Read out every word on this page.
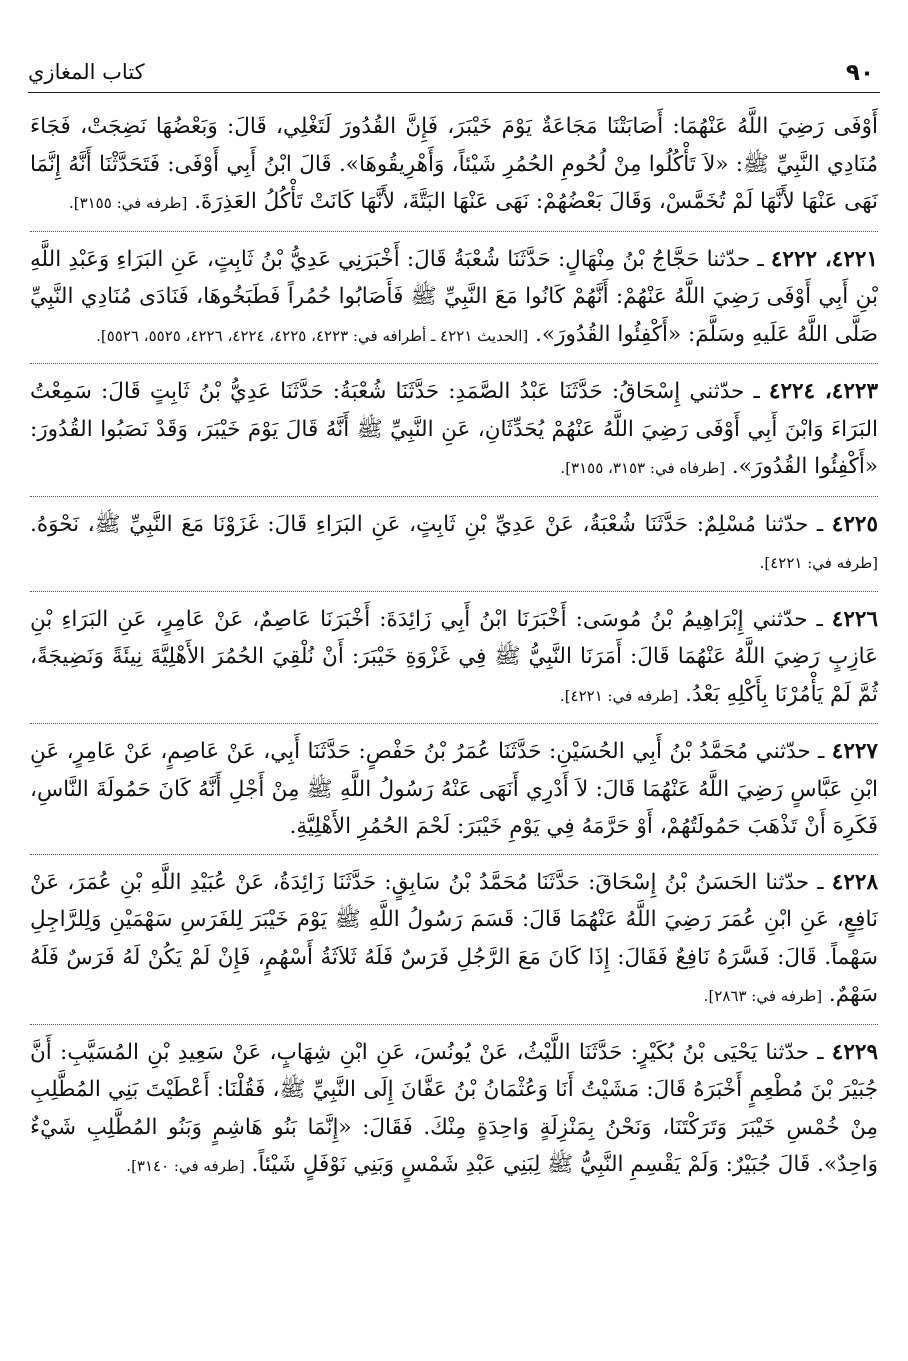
كتاب المغازي	٩٠

أَوْفَى رَضِيَ اللَّهُ عَنْهُمَا: أَصَابَتْنَا مَجَاعَةٌ يَوْمَ خَيْبَرَ، فَإِنَّ القُدُورَ لَتَغْلِي، قَالَ: وَبَعْضُهَا نَضِجَتْ، فَجَاءَ مُنَادِي النَّبِيِّ ﷺ: «لاَ تَأْكُلُوا مِنْ لُحُومِ الحُمُرِ شَيْئاً، وَأَهْرِيقُوهَا». قَالَ ابْنُ أَبِي أَوْفَى: فَتَحَدَّثْنَا أَنَّهُ إِنَّمَا نَهَى عَنْهَا لأَنَّهَا لَمْ تُخَمَّسْ، وَقَالَ بَعْضُهُمْ: نَهَى عَنْهَا البَتَّةَ، لأَنَّهَا كَانَتْ تَأْكُلُ العَذِرَةَ. [طرفه في: ٣١٥٥].

٤٢٢١، ٤٢٢٢ ـ حدّثنا حَجَّاجُ بْنُ مِنْهَالٍ: حَدَّثَنَا شُعْبَةُ قَالَ: أَخْبَرَنِي عَدِيُّ بْنُ ثَابِتٍ، عَنِ البَرَاءِ وَعَبْدِ اللَّهِ بْنِ أَبِي أَوْفَى رَضِيَ اللَّهُ عَنْهُمْ: أَنَّهُمْ كَانُوا مَعَ النَّبِيِّ ﷺ فَأَصَابُوا حُمُراً فَطَبَخُوهَا، فَنَادَى مُنَادِي النَّبِيِّ صَلَّى اللَّهُ عَلَيهِ وسَلَّمَ: «أَكْفِئُوا القُدُورَ». [الحديث ٤٢٢١ ـ أطرافه في: ٤٢٢٣، ٤٢٢٥، ٤٢٢٤، ٤٢٢٦، ٥٥٢٥، ٥٥٢٦].

٤٢٢٣، ٤٢٢٤ ـ حدّثني إِسْحَاقُ: حَدَّثَنَا عَبْدُ الصَّمَدِ: حَدَّثَنَا شُعْبَةُ: حَدَّثَنَا عَدِيُّ بْنُ ثَابِتٍ قَالَ: سَمِعْتُ البَرَاءَ وَابْنَ أَبِي أَوْفَى رَضِيَ اللَّهُ عَنْهُمْ يُحَدِّثَانِ، عَنِ النَّبِيِّ ﷺ أَنَّهُ قَالَ يَوْمَ خَيْبَرَ، وَقَدْ نَصَبُوا القُدُورَ: «أَكْفِئُوا القُدُورَ». [طرفاه في: ٣١٥٣، ٣١٥٥].

٤٢٢٥ ـ حدّثنا مُسْلِمٌ: حَدَّثَنَا شُعْبَةُ، عَنْ عَدِيِّ بْنِ ثَابِتٍ، عَنِ البَرَاءِ قَالَ: غَزَوْنَا مَعَ النَّبِيِّ ﷺ، نَحْوَهُ. [طرفه في: ٤٢٢١].

٤٢٢٦ ـ حدّثني إِبْرَاهِيمُ بْنُ مُوسَى: أَخْبَرَنَا ابْنُ أَبِي زَائِدَةَ: أَخْبَرَنَا عَاصِمٌ، عَنْ عَامِرٍ، عَنِ البَرَاءِ بْنِ عَازِبٍ رَضِيَ اللَّهُ عَنْهُمَا قَالَ: أَمَرَنَا النَّبِيُّ ﷺ فِي غَزْوَةِ خَيْبَرَ: أَنْ نُلْقِيَ الحُمُرَ الأَهْلِيَّةَ نِيئَةً وَنَضِيجَةً، ثُمَّ لَمْ يَأْمُرْنَا بِأَكْلِهِ بَعْدُ. [طرفه في: ٤٢٢١].

٤٢٢٧ ـ حدّثني مُحَمَّدُ بْنُ أَبِي الحُسَيْنِ: حَدَّثَنَا عُمَرُ بْنُ حَفْصٍ: حَدَّثَنَا أَبِي، عَنْ عَاصِمٍ، عَنْ عَامِرٍ، عَنِ ابْنِ عَبَّاسٍ رَضِيَ اللَّهُ عَنْهُمَا قَالَ: لاَ أَدْرِي أَنَهَى عَنْهُ رَسُولُ اللَّهِ ﷺ مِنْ أَجْلِ أَنَّهُ كَانَ حَمُولَةَ النَّاسِ، فَكَرِهَ أَنْ تَذْهَبَ حَمُولَتُهُمْ، أَوْ حَرَّمَهُ فِي يَوْمِ خَيْبَرَ: لَحْمَ الحُمُرِ الأَهْلِيَّةِ.

٤٢٢٨ ـ حدّثنا الحَسَنُ بْنُ إِسْحَاقَ: حَدَّثَنَا مُحَمَّدُ بْنُ سَابِقٍ: حَدَّثَنَا زَائِدَةُ، عَنْ عُبَيْدِ اللَّهِ بْنِ عُمَرَ، عَنْ نَافِعٍ، عَنِ ابْنِ عُمَرَ رَضِيَ اللَّهُ عَنْهُمَا قَالَ: قَسَمَ رَسُولُ اللَّهِ ﷺ يَوْمَ خَيْبَرَ لِلفَرَسِ سَهْمَيْنِ وَلِلرَّاجِلِ سَهْماً. قَالَ: فَسَّرَهُ نَافِعٌ فَقَالَ: إِذَا كَانَ مَعَ الرَّجُلِ فَرَسٌ فَلَهُ ثَلاَثَةُ أَسْهُمٍ، فَإِنْ لَمْ يَكُنْ لَهُ فَرَسٌ فَلَهُ سَهْمٌ. [طرفه في: ٢٨٦٣].

٤٢٢٩ ـ حدّثنا يَحْيَى بْنُ بُكَيْرٍ: حَدَّثَنَا اللَّيْثُ، عَنْ يُونُسَ، عَنِ ابْنِ شِهَابٍ، عَنْ سَعِيدِ بْنِ المُسَيَّبِ: أَنَّ جُبَيْرَ بْنَ مُطْعِمٍ أَخْبَرَهُ قَالَ: مَشَيْتُ أَنَا وَعُثْمَانُ بْنُ عَفَّانَ إِلَى النَّبِيِّ ﷺ، فَقُلْنَا: أَعْطَيْتَ بَنِي المُطَّلِبِ مِنْ خُمْسِ خَيْبَرَ وَتَرَكْتَنَا، وَنَحْنُ بِمَنْزِلَةٍ وَاحِدَةٍ مِنْكَ. فَقَالَ: «إِنَّمَا بَنُو هَاشِمٍ وَبَنُو المُطَّلِبِ شَيْءٌ وَاحِدٌ». قَالَ جُبَيْرٌ: وَلَمْ يَقْسِمِ النَّبِيُّ ﷺ لِبَنِي عَبْدِ شَمْسٍ وَبَنِي نَوْفَلٍ شَيْئاً. [طرفه في: ٣١٤٠].
